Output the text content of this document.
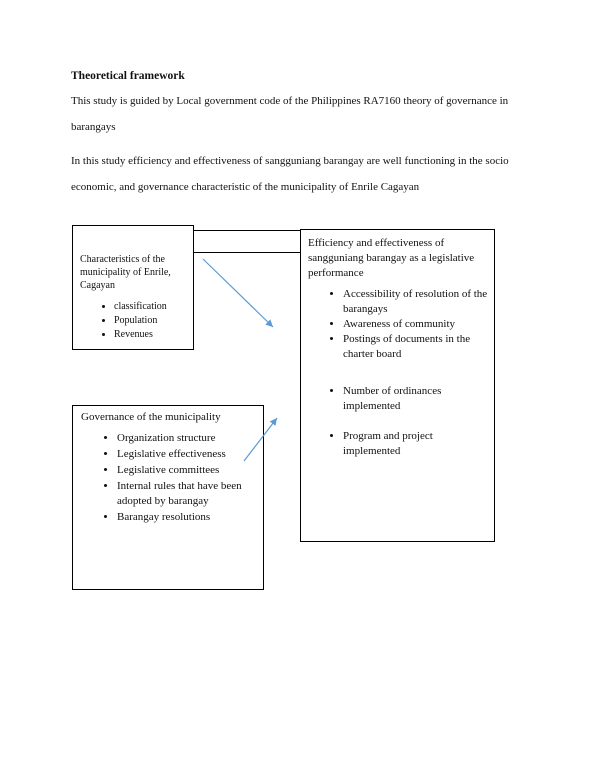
Theoretical framework
This study is guided by Local government code of the Philippines RA7160 theory of governance in barangays
In this study efficiency and effectiveness of sangguniang barangay are well functioning in the socio economic, and governance characteristic of the municipality of Enrile Cagayan
Characteristics of the municipality of Enrile, Cagayan
• classification
• Population
• Revenues
Governance of the municipality
• Organization structure
• Legislative effectiveness
• Legislative committees
• Internal rules that have been adopted by barangay
• Barangay resolutions
Efficiency and effectiveness of sangguniang barangay as a legislative performance
• Accessibility of resolution of the barangays
• Awareness of community
• Postings of documents in the charter board
• Number of ordinances implemented
• Program and project implemented
